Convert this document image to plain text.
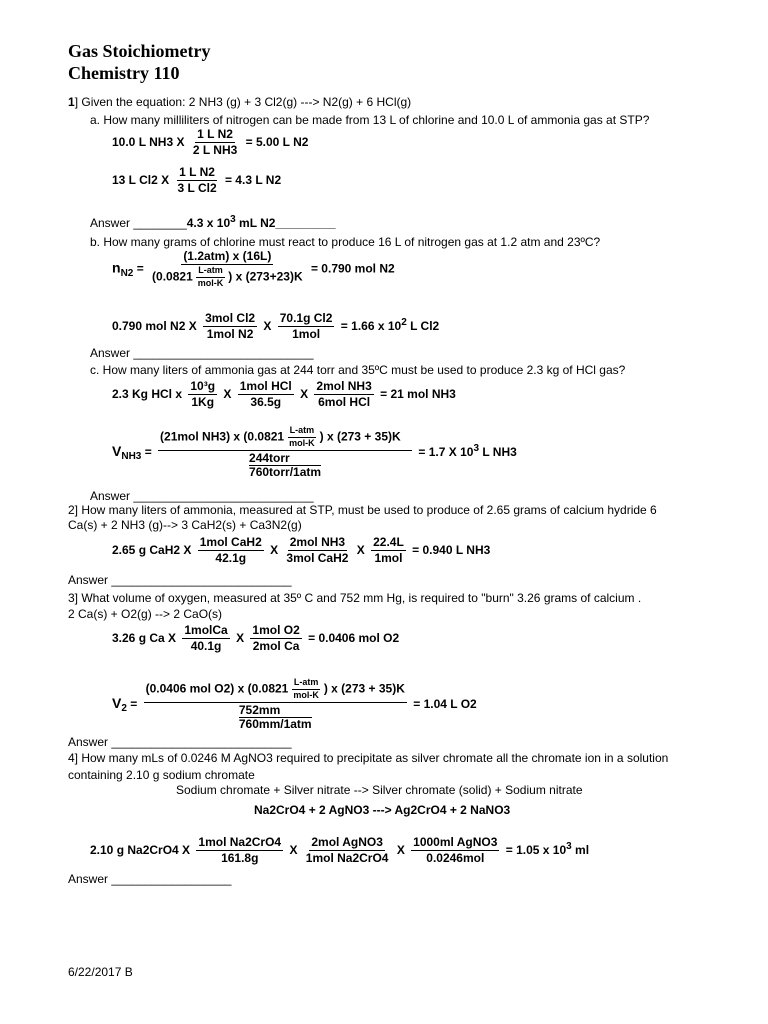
Gas Stoichiometry
Chemistry 110
1] Given the equation: 2 NH3 (g) + 3 Cl2(g) ---> N2(g) + 6 HCl(g)
a. How many milliliters of nitrogen can be made from 13 L of chlorine and 10.0 L of ammonia gas at STP?
10.0 L NH3 X $\frac{\text{1 L N2}}{\text{2 L NH3}} = 5.00$ L N2
13 L Cl2 X $\frac{\text{1 L N2}}{\text{3 L Cl2}} = 4.3$ L N2
Answer ________4.3 x $10^3$ mL N2_________
b. How many grams of chlorine must react to produce 16 L of nitrogen gas at 1.2 atm and 23ºC?
$n_{N2} = \frac{\text{(1.2atm) x (16L)}}{(0.0821 \frac{\text{L-atm}}{\text{mol-K}} ) x (273+23)K} = 0.790$ mol N2
0.790 mol N2 X $\frac{\text{3mol Cl2}}{\text{1mol N2}}$ X $\frac{\text{70.1g Cl2}}{\text{1mol}} = 1.66$ x $10^2$ L Cl2
Answer ___________________________
c. How many liters of ammonia gas at 244 torr and 35ºC must be used to produce 2.3 kg of HCl gas?
2.3 Kg HCl x $\frac{\text{10³g}}{1Kg}$ X $\frac{\text{1mol HCl}}{36.5g}$ X $\frac{\text{2mol NH3}}{\text{6mol HCl}} = 21$ mol NH3
$V_{NH3} = (21mol$ NH3) x ($0.0821 \frac{\text{L-atm}}{\text{mol-K}}$ ) x (273 + 35)K
244torr
760torr/1atm = 1.7 X $10^3$ L NH3
Answer ___________________________
2] How many liters of ammonia, measured at STP, must be used to produce of 2.65 grams of calcium hydride 6
Ca(s) + 2 NH3 (g)--> 3 CaH2(s) + Ca3N2(g)
2.65 g CaH2 X $\frac{\text{1mol CaH2}}{42.1g}$ X $\frac{\text{2mol NH3}}{\text{3mol CaH2}}$ X $\frac{22.4L}{\text{1mol}} = 0.940$ L NH3
Answer ___________________________
3] What volume of oxygen, measured at 35º C and 752 mm Hg, is required to "burn" 3.26 grams of calcium .
2 Ca(s) + O2(g) --> 2 CaO(s)
3.26 g Ca X $\frac{\text{1molCa}}{40.1g}$ X $\frac{\text{1mol O2}}{\text{2mol Ca}} = 0.0406$ mol O2
$V_2 = (0.0406$ mol O2) x ($0.0821 \frac{\text{L-atm}}{\text{mol-K}}$ ) x (273 + 35)K
752mm
760mm/1atm = 1.04 L O2
Answer ___________________________
4] How many mLs of 0.0246 M AgNO3 required to precipitate as silver chromate all the chromate ion in a solution
containing 2.10 g sodium chromate
Sodium chromate + Silver nitrate --> Silver chromate (solid) + Sodium nitrate
Na2CrO4 + 2 AgNO3 ---> Ag2CrO4 + 2 NaNO3
2.10 g Na2CrO4 X $\frac{\text{1mol Na2CrO4}}{161.8g}$ X $\frac{\text{2mol AgNO3}}{\text{1mol Na2CrO4}}$ X $\frac{\text{1000ml AgNO3}}{\text{0.0246mol}} = 1.05$ x $10^3$ ml
Answer __________________
6/22/2017 B
